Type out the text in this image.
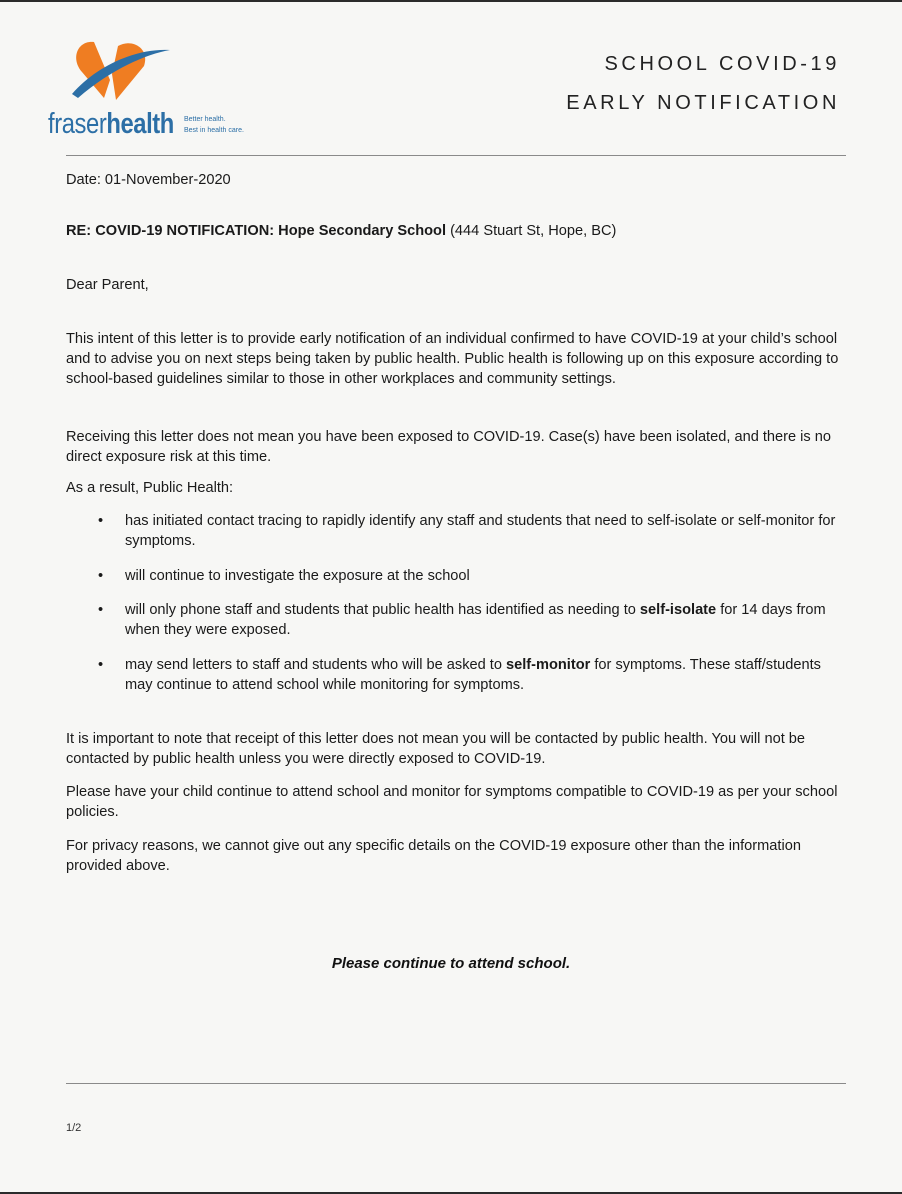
fraserhealth Better health.
Best in health care.
SCHOOL COVID-19
EARLY NOTIFICATION
Date: 01-November-2020
RE: COVID-19 NOTIFICATION: Hope Secondary School (444 Stuart St, Hope, BC)
Dear Parent,
This intent of this letter is to provide early notification of an individual confirmed to have COVID-19 at your child’s school and to advise you on next steps being taken by public health. Public health is following up on this exposure according to school-based guidelines similar to those in other workplaces and community settings.
Receiving this letter does not mean you have been exposed to COVID-19. Case(s) have been isolated, and there is no direct exposure risk at this time.
As a result, Public Health:
• has initiated contact tracing to rapidly identify any staff and students that need to self-isolate or self-monitor for symptoms.
• will continue to investigate the exposure at the school
• will only phone staff and students that public health has identified as needing to self-isolate for 14 days from when they were exposed.
• may send letters to staff and students who will be asked to self-monitor for symptoms. These staff/students may continue to attend school while monitoring for symptoms.
It is important to note that receipt of this letter does not mean you will be contacted by public health. You will not be contacted by public health unless you were directly exposed to COVID-19.
Please have your child continue to attend school and monitor for symptoms compatible to COVID-19 as per your school policies.
For privacy reasons, we cannot give out any specific details on the COVID-19 exposure other than the information provided above.
Please continue to attend school.
1/2
